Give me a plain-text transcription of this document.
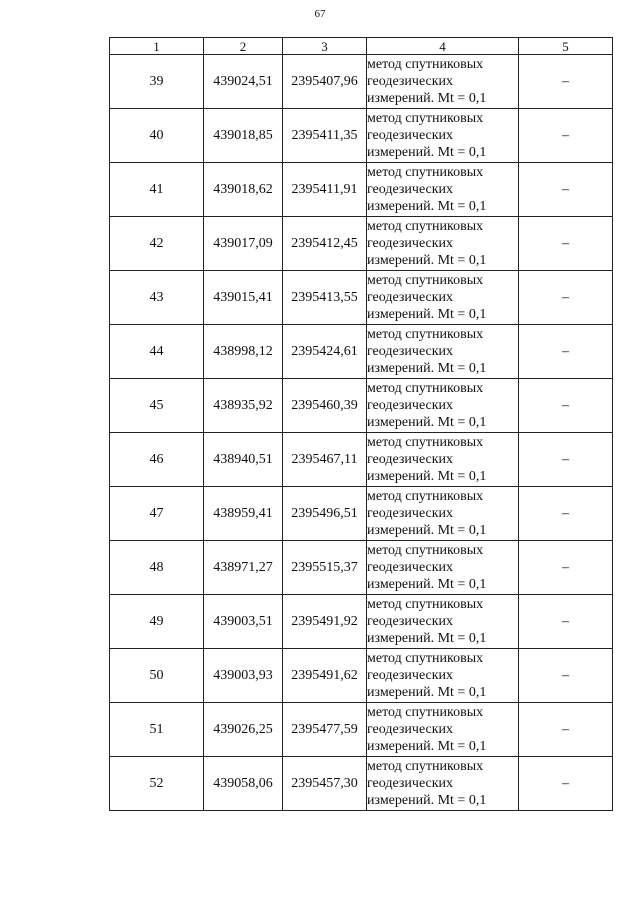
67
1	2	3	4	5
39	439024,51	2395407,96	метод спутниковых
геодезических
измерений. Mt = 0,1	–
40	439018,85	2395411,35	метод спутниковых
геодезических
измерений. Mt = 0,1	–
41	439018,62	2395411,91	метод спутниковых
геодезических
измерений. Mt = 0,1	–
42	439017,09	2395412,45	метод спутниковых
геодезических
измерений. Mt = 0,1	–
43	439015,41	2395413,55	метод спутниковых
геодезических
измерений. Mt = 0,1	–
44	438998,12	2395424,61	метод спутниковых
геодезических
измерений. Mt = 0,1	–
45	438935,92	2395460,39	метод спутниковых
геодезических
измерений. Mt = 0,1	–
46	438940,51	2395467,11	метод спутниковых
геодезических
измерений. Mt = 0,1	–
47	438959,41	2395496,51	метод спутниковых
геодезических
измерений. Mt = 0,1	–
48	438971,27	2395515,37	метод спутниковых
геодезических
измерений. Mt = 0,1	–
49	439003,51	2395491,92	метод спутниковых
геодезических
измерений. Mt = 0,1	–
50	439003,93	2395491,62	метод спутниковых
геодезических
измерений. Mt = 0,1	–
51	439026,25	2395477,59	метод спутниковых
геодезических
измерений. Mt = 0,1	–
52	439058,06	2395457,30	метод спутниковых
геодезических
измерений. Mt = 0,1	–
